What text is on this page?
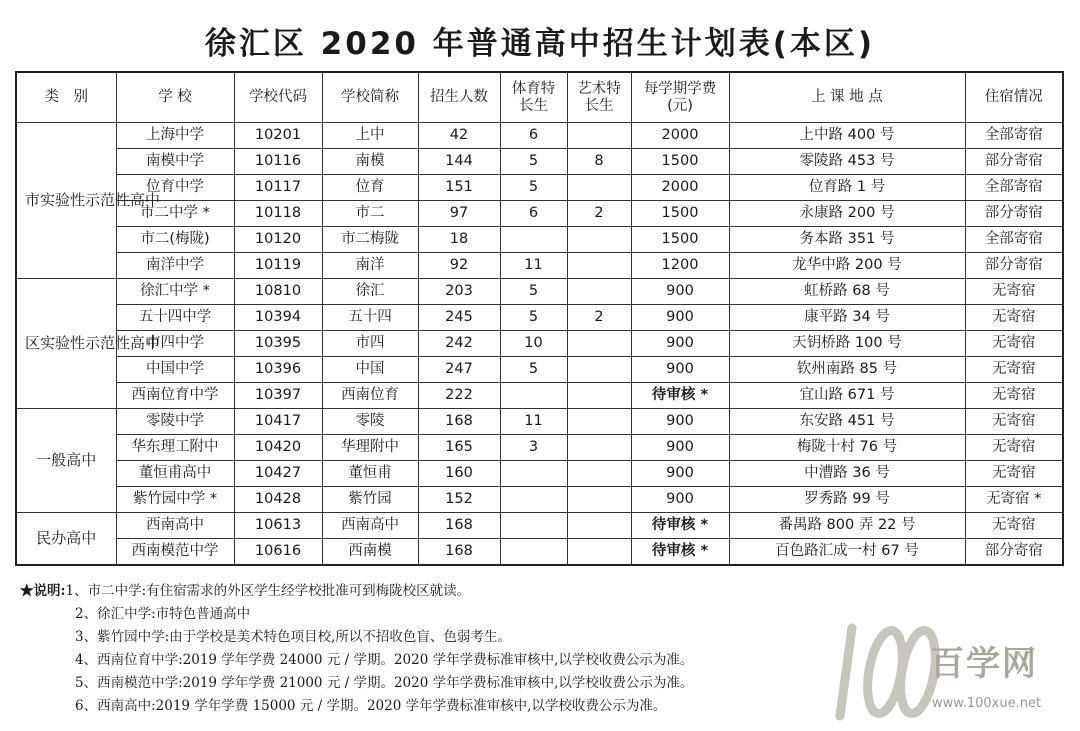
徐汇区 2020 年普通高中招生计划表(本区)
类　别	学 校	学校代码	学校简称	招生人数	体育特长生	艺术特长生	每学期学费(元)	上 课 地 点	住宿情况
市实验性示范性高中	上海中学	10201	上中	42	6		2000	上中路 400 号	全部寄宿
	南模中学	10116	南模	144	5	8	1500	零陵路 453 号	部分寄宿
	位育中学	10117	位育	151	5		2000	位育路 1 号	全部寄宿
	市二中学 *	10118	市二	97	6	2	1500	永康路 200 号	部分寄宿
	市二(梅陇)	10120	市二梅陇	18			1500	务本路 351 号	全部寄宿
	南洋中学	10119	南洋	92	11		1200	龙华中路 200 号	部分寄宿
区实验性示范性高中	徐汇中学 *	10810	徐汇	203	5		900	虹桥路 68 号	无寄宿
	五十四中学	10394	五十四	245	5	2	900	康平路 34 号	无寄宿
	市四中学	10395	市四	242	10		900	天钥桥路 100 号	无寄宿
	中国中学	10396	中国	247	5		900	钦州南路 85 号	无寄宿
	西南位育中学	10397	西南位育	222			待审核 *	宜山路 671 号	无寄宿
一般高中	零陵中学	10417	零陵	168	11		900	东安路 451 号	无寄宿
	华东理工附中	10420	华理附中	165	3		900	梅陇十村 76 号	无寄宿
	董恒甫高中	10427	董恒甫	160			900	中漕路 36 号	无寄宿
	紫竹园中学 *	10428	紫竹园	152			900	罗秀路 99 号	无寄宿 *
民办高中	西南高中	10613	西南高中	168			待审核 *	番禺路 800 弄 22 号	无寄宿
	西南模范中学	10616	西南模	168			待审核 *	百色路汇成一村 67 号	部分寄宿
★说明:1、市二中学:有住宿需求的外区学生经学校批准可到梅陇校区就读。
2、徐汇中学:市特色普通高中
3、紫竹园中学:由于学校是美术特色项目校,所以不招收色盲、色弱考生。
4、西南位育中学:2019 学年学费 24000 元 / 学期。2020 学年学费标准审核中,以学校收费公示为准。
5、西南模范中学:2019 学年学费 21000 元 / 学期。2020 学年学费标准审核中,以学校收费公示为准。
6、西南高中:2019 学年学费 15000 元 / 学期。2020 学年学费标准审核中,以学校收费公示为准。
百学网
www.100xue.net
